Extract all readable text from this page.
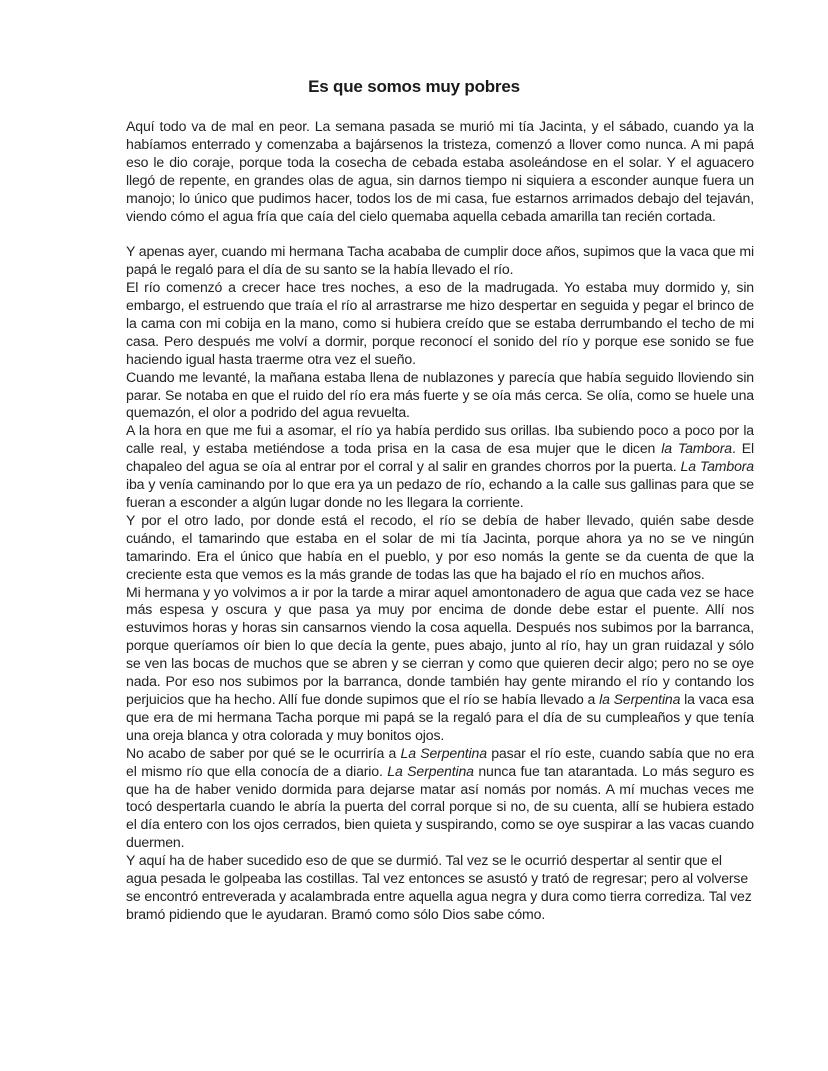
Es que somos muy pobres

Aquí todo va de mal en peor. La semana pasada se murió mi tía Jacinta, y el sábado, cuando ya la habíamos enterrado y comenzaba a bajársenos la tristeza, comenzó a llover como nunca. A mi papá eso le dio coraje, porque toda la cosecha de cebada estaba asoleándose en el solar. Y el aguacero llegó de repente, en grandes olas de agua, sin darnos tiempo ni siquiera a esconder aunque fuera un manojo; lo único que pudimos hacer, todos los de mi casa, fue estarnos arrimados debajo del tejaván, viendo cómo el agua fría que caía del cielo quemaba aquella cebada amarilla tan recién cortada.

Y apenas ayer, cuando mi hermana Tacha acababa de cumplir doce años, supimos que la vaca que mi papá le regaló para el día de su santo se la había llevado el río.

El río comenzó a crecer hace tres noches, a eso de la madrugada. Yo estaba muy dormido y, sin embargo, el estruendo que traía el río al arrastrarse me hizo despertar en seguida y pegar el brinco de la cama con mi cobija en la mano, como si hubiera creído que se estaba derrumbando el techo de mi casa. Pero después me volví a dormir, porque reconocí el sonido del río y porque ese sonido se fue haciendo igual hasta traerme otra vez el sueño.

Cuando me levanté, la mañana estaba llena de nublazones y parecía que había seguido lloviendo sin parar. Se notaba en que el ruido del río era más fuerte y se oía más cerca. Se olía, como se huele una quemazón, el olor a podrido del agua revuelta.

A la hora en que me fui a asomar, el río ya había perdido sus orillas. Iba subiendo poco a poco por la calle real, y estaba metiéndose a toda prisa en la casa de esa mujer que le dicen la Tambora. El chapaleo del agua se oía al entrar por el corral y al salir en grandes chorros por la puerta. La Tambora iba y venía caminando por lo que era ya un pedazo de río, echando a la calle sus gallinas para que se fueran a esconder a algún lugar donde no les llegara la corriente.

Y por el otro lado, por donde está el recodo, el río se debía de haber llevado, quién sabe desde cuándo, el tamarindo que estaba en el solar de mi tía Jacinta, porque ahora ya no se ve ningún tamarindo. Era el único que había en el pueblo, y por eso nomás la gente se da cuenta de que la creciente esta que vemos es la más grande de todas las que ha bajado el río en muchos años.

Mi hermana y yo volvimos a ir por la tarde a mirar aquel amontonadero de agua que cada vez se hace más espesa y oscura y que pasa ya muy por encima de donde debe estar el puente. Allí nos estuvimos horas y horas sin cansarnos viendo la cosa aquella. Después nos subimos por la barranca, porque queríamos oír bien lo que decía la gente, pues abajo, junto al río, hay un gran ruidazal y sólo se ven las bocas de muchos que se abren y se cierran y como que quieren decir algo; pero no se oye nada. Por eso nos subimos por la barranca, donde también hay gente mirando el río y contando los perjuicios que ha hecho. Allí fue donde supimos que el río se había llevado a la Serpentina la vaca esa que era de mi hermana Tacha porque mi papá se la regaló para el día de su cumpleaños y que tenía una oreja blanca y otra colorada y muy bonitos ojos.

No acabo de saber por qué se le ocurriría a La Serpentina pasar el río este, cuando sabía que no era el mismo río que ella conocía de a diario. La Serpentina nunca fue tan atarantada. Lo más seguro es que ha de haber venido dormida para dejarse matar así nomás por nomás. A mí muchas veces me tocó despertarla cuando le abría la puerta del corral porque si no, de su cuenta, allí se hubiera estado el día entero con los ojos cerrados, bien quieta y suspirando, como se oye suspirar a las vacas cuando duermen.

Y aquí ha de haber sucedido eso de que se durmió. Tal vez se le ocurrió despertar al sentir que el agua pesada le golpeaba las costillas. Tal vez entonces se asustó y trató de regresar; pero al volverse se encontró entreverada y acalambrada entre aquella agua negra y dura como tierra corrediza. Tal vez bramó pidiendo que le ayudaran. Bramó como sólo Dios sabe cómo.
